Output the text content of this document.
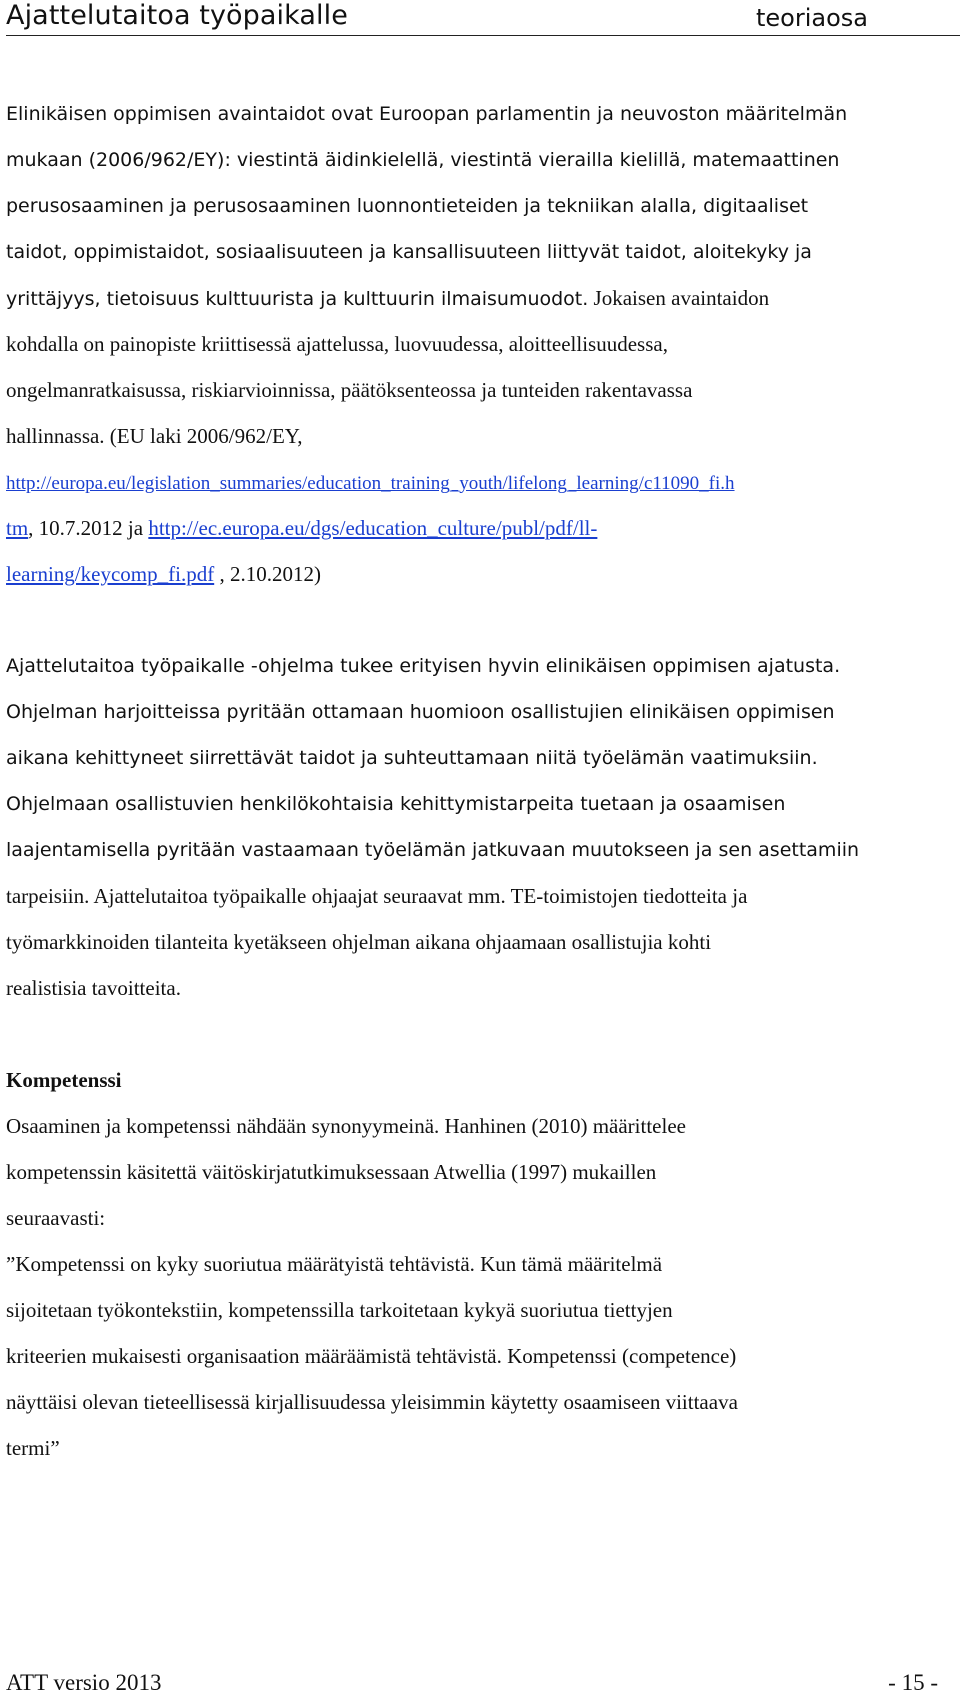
Ajattelutaitoa työpaikalle	teoriaosa
Elinikäisen oppimisen avaintaidot ovat Euroopan parlamentin ja neuvoston määritelmän
mukaan (2006/962/EY): viestintä äidinkielellä, viestintä vierailla kielillä, matemaattinen
perusosaaminen ja perusosaaminen luonnontieteiden ja tekniikan alalla, digitaaliset
taidot, oppimistaidot, sosiaalisuuteen ja kansallisuuteen liittyvät taidot, aloitekyky ja
yrittäjyys, tietoisuus kulttuurista ja kulttuurin ilmaisumuodot. Jokaisen avaintaidon
kohdalla on painopiste kriittisessä ajattelussa, luovuudessa, aloitteellisuudessa,
ongelmanratkaisussa, riskiarvioinnissa, päätöksenteossa ja tunteiden rakentavassa
hallinnassa. (EU laki 2006/962/EY,
http://europa.eu/legislation_summaries/education_training_youth/lifelong_learning/c11090_fi.h
tm, 10.7.2012 ja http://ec.europa.eu/dgs/education_culture/publ/pdf/ll-
learning/keycomp_fi.pdf , 2.10.2012)
Ajattelutaitoa työpaikalle -ohjelma tukee erityisen hyvin elinikäisen oppimisen ajatusta.
Ohjelman harjoitteissa pyritään ottamaan huomioon osallistujien elinikäisen oppimisen
aikana kehittyneet siirrettävät taidot ja suhteuttamaan niitä työelämän vaatimuksiin.
Ohjelmaan osallistuvien henkilökohtaisia kehittymistarpeita tuetaan ja osaamisen
laajentamisella pyritään vastaamaan työelämän jatkuvaan muutokseen ja sen asettamiin
tarpeisiin. Ajattelutaitoa työpaikalle ohjaajat seuraavat mm. TE-toimistojen tiedotteita ja
työmarkkinoiden tilanteita kyetäkseen ohjelman aikana ohjaamaan osallistujia kohti
realistisia tavoitteita.
Kompetenssi
Osaaminen ja kompetenssi nähdään synonyymeinä. Hanhinen (2010) määrittelee
kompetenssin käsitettä väitöskirjatutkimuksessaan Atwellia (1997) mukaillen
seuraavasti:
”Kompetenssi on kyky suoriutua määrätyistä tehtävistä. Kun tämä määritelmä
sijoitetaan työkontekstiin, kompetenssilla tarkoitetaan kykyä suoriutua tiettyjen
kriteerien mukaisesti organisaation määräämistä tehtävistä. Kompetenssi (competence)
näyttäisi olevan tieteellisessä kirjallisuudessa yleisimmin käytetty osaamiseen viittaava
termi”
ATT versio 2013	- 15 -
